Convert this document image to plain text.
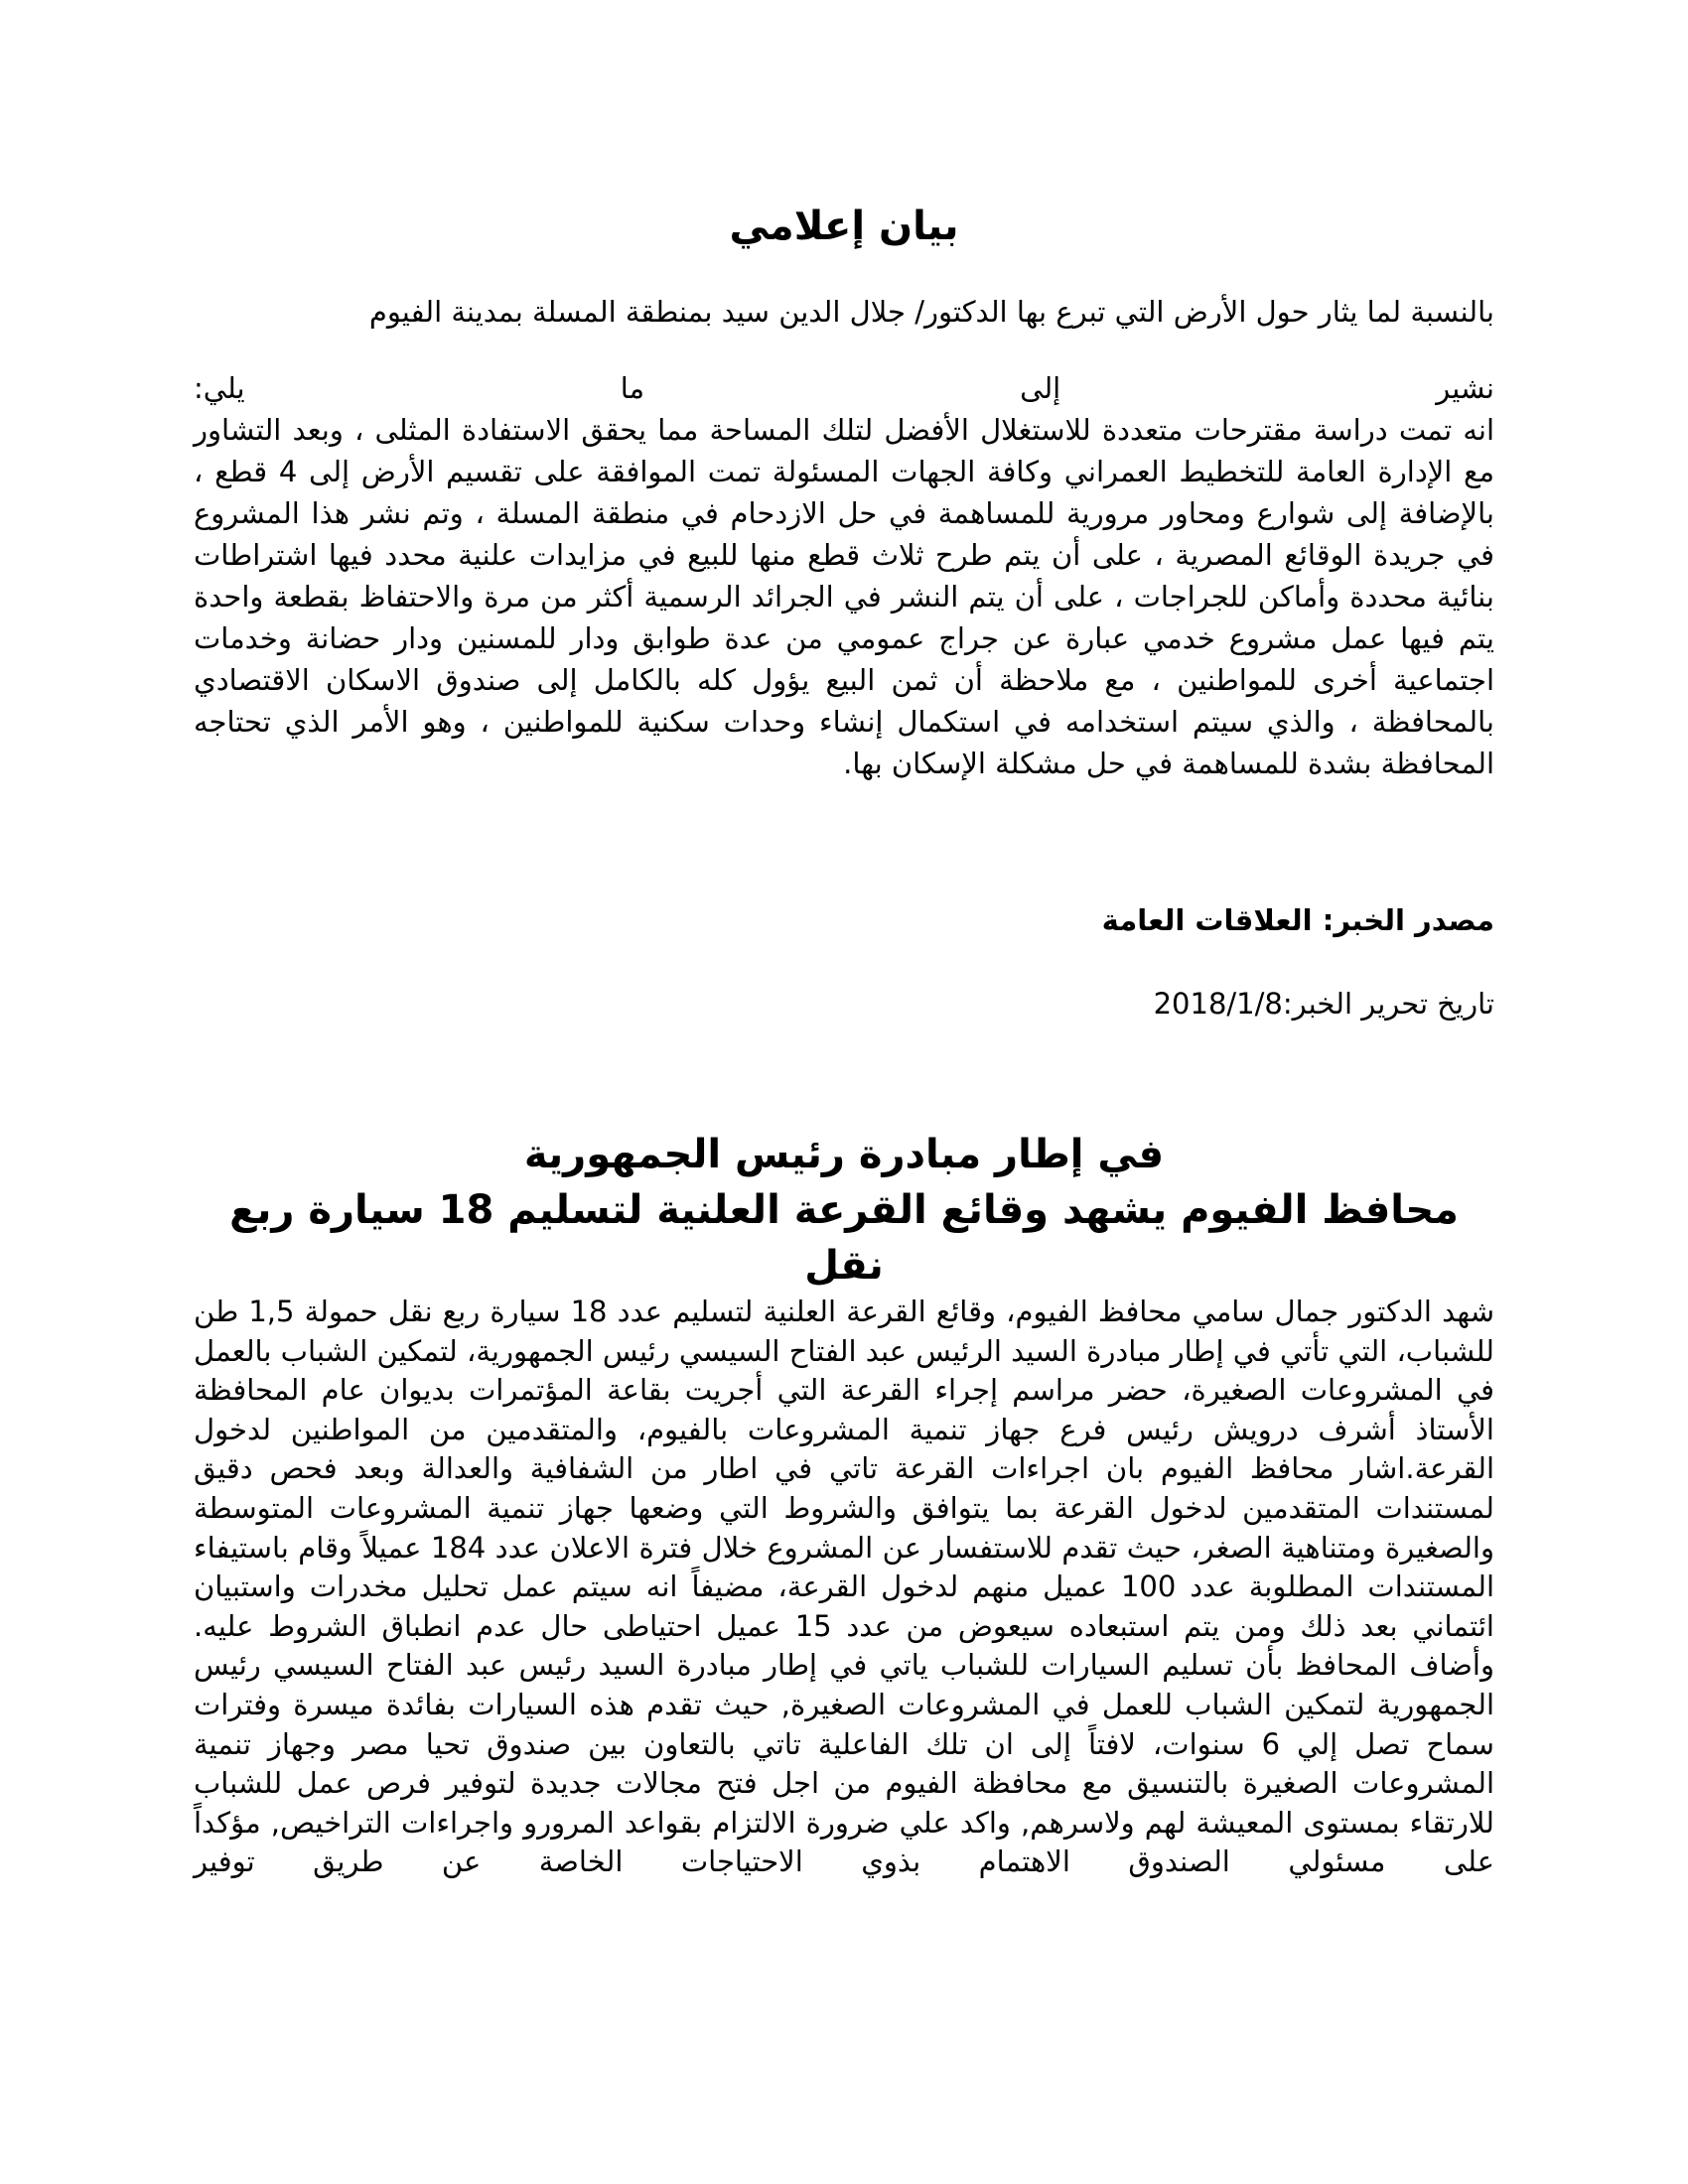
بيان إعلامي
بالنسبة لما يثار حول الأرض التي تبرع بها الدكتور/ جلال الدين سيد بمنطقة المسلة بمدينة الفيوم
نشير إلى ما يلي:
انه تمت دراسة مقترحات متعددة للاستغلال الأفضل لتلك المساحة مما يحقق الاستفادة المثلى ، وبعد التشاور مع الإدارة العامة للتخطيط العمراني وكافة الجهات المسئولة تمت الموافقة على تقسيم الأرض إلى 4 قطع ، بالإضافة إلى شوارع ومحاور مرورية للمساهمة في حل الازدحام في منطقة المسلة ، وتم نشر هذا المشروع في جريدة الوقائع المصرية ، على أن يتم طرح ثلاث قطع منها للبيع في مزايدات علنية محدد فيها اشتراطات بنائية محددة وأماكن للجراجات ، على أن يتم النشر في الجرائد الرسمية أكثر من مرة والاحتفاظ بقطعة واحدة يتم فيها عمل مشروع خدمي عبارة عن جراج عمومي من عدة طوابق ودار للمسنين ودار حضانة وخدمات اجتماعية أخرى للمواطنين ، مع ملاحظة أن ثمن البيع يؤول كله بالكامل إلى صندوق الاسكان الاقتصادي بالمحافظة ، والذي سيتم استخدامه في استكمال إنشاء وحدات سكنية للمواطنين ، وهو الأمر الذي تحتاجه المحافظة بشدة للمساهمة في حل مشكلة الإسكان بها.
مصدر الخبر: العلاقات العامة
تاريخ تحرير الخبر:2018/1/8
في إطار مبادرة رئيس الجمهورية
محافظ الفيوم يشهد وقائع القرعة العلنية لتسليم 18 سيارة ربع نقل
شهد الدكتور جمال سامي محافظ الفيوم، وقائع القرعة العلنية لتسليم عدد 18 سيارة ربع نقل حمولة 1,5 طن للشباب، التي تأتي في إطار مبادرة السيد الرئيس عبد الفتاح السيسي رئيس الجمهورية، لتمكين الشباب بالعمل في المشروعات الصغيرة، حضر مراسم إجراء القرعة التي أجريت بقاعة المؤتمرات بديوان عام المحافظة الأستاذ أشرف درويش رئيس فرع جهاز تنمية المشروعات بالفيوم، والمتقدمين من المواطنين لدخول القرعة.اشار محافظ الفيوم بان اجراءات القرعة تاتي في اطار من الشفافية والعدالة وبعد فحص دقيق لمستندات المتقدمين لدخول القرعة بما يتوافق والشروط التي وضعها جهاز تنمية المشروعات المتوسطة والصغيرة ومتناهية الصغر، حيث تقدم للاستفسار عن المشروع خلال فترة الاعلان عدد 184 عميلاً وقام باستيفاء المستندات المطلوبة عدد 100 عميل منهم لدخول القرعة، مضيفاً انه سيتم عمل تحليل مخدرات واستبيان ائتماني بعد ذلك ومن يتم استبعاده سيعوض من عدد 15 عميل احتياطى حال عدم انطباق الشروط عليه. وأضاف المحافظ بأن تسليم السيارات للشباب ياتي في إطار مبادرة السيد رئيس عبد الفتاح السيسي رئيس الجمهورية لتمكين الشباب للعمل في المشروعات الصغيرة, حيث تقدم هذه السيارات بفائدة ميسرة وفترات سماح تصل إلي 6 سنوات، لافتاً إلى ان تلك الفاعلية تاتي بالتعاون بين صندوق تحيا مصر وجهاز تنمية المشروعات الصغيرة بالتنسيق مع محافظة الفيوم من اجل فتح مجالات جديدة لتوفير فرص عمل للشباب للارتقاء بمستوى المعيشة لهم ولاسرهم, واكد علي ضرورة الالتزام بقواعد المرورو واجراءات التراخيص, مؤكداً على مسئولي الصندوق الاهتمام بذوي الاحتياجات الخاصة عن طريق توفير
